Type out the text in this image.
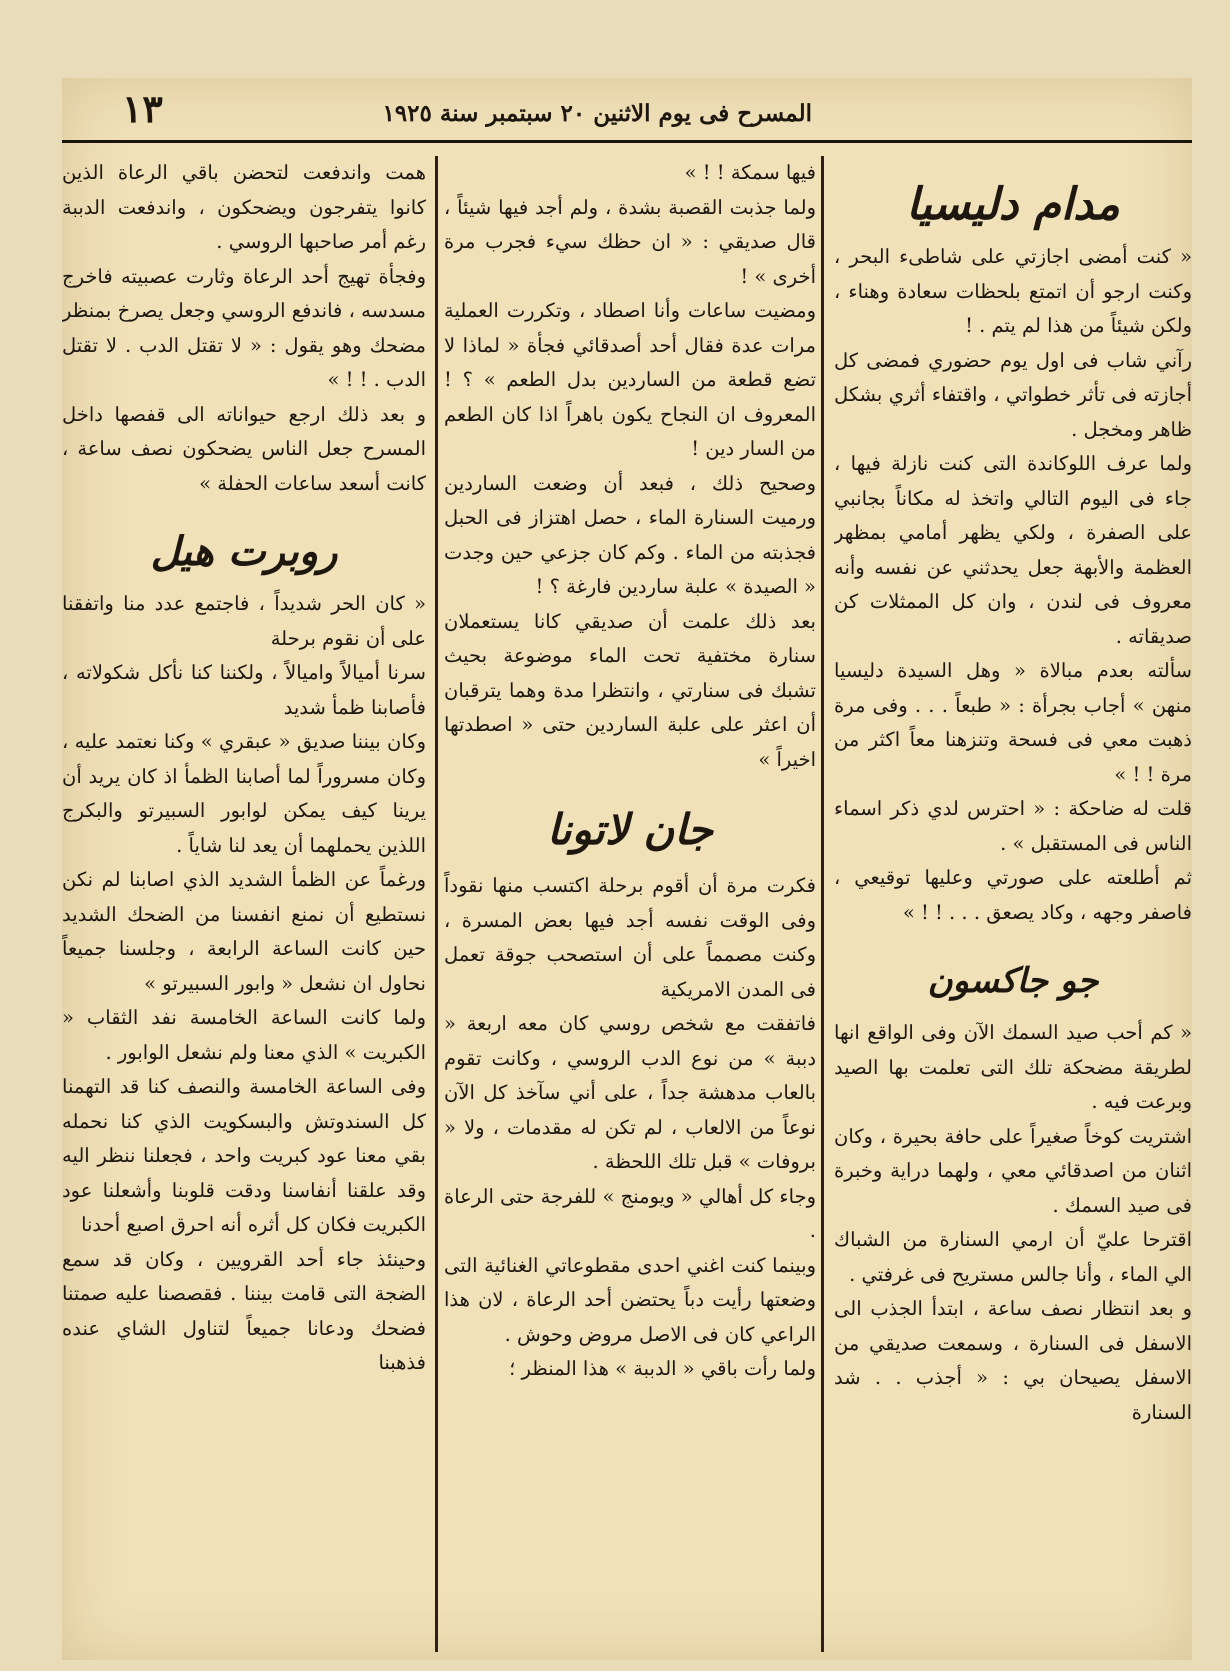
المسرح فى يوم الاثنين ٢٠ سبتمبر سنة ١٩٢٥
١٣
مدام دليسيا

« كنت أمضى اجازتي على شاطىء البحر ، وكنت ارجو أن اتمتع بلحظات سعادة وهناء ، ولكن شيئاً من هذا لم يتم . !

رآني شاب فى اول يوم حضوري فمضى كل أجازته فى تأثر خطواتي ، واقتفاء أثري بشكل ظاهر ومخجل .

ولما عرف اللوكاندة التى كنت نازلة فيها ، جاء فى اليوم التالي واتخذ له مكاناً بجانبي على الصفرة ، ولكي يظهر أمامي بمظهر العظمة والأبهة جعل يحدثني عن نفسه وأنه معروف فى لندن ، وان كل الممثلات كن صديقاته .

سألته بعدم مبالاة « وهل السيدة دليسيا منهن » أجاب بجرأة : « طبعاً . . . وفى مرة ذهبت معي فى فسحة وتنزهنا معاً اكثر من مرة ! ! »

قلت له ضاحكة : « احترس لدي ذكر اسماء الناس فى المستقبل » .

ثم أطلعته على صورتي وعليها توقيعي ، فاصفر وجهه ، وكاد يصعق . . . ! ! »

جو جاكسون

« كم أحب صيد السمك الآن وفى الواقع انها لطريقة مضحكة تلك التى تعلمت بها الصيد وبرعت فيه .

اشتريت كوخاً صغيراً على حافة بحيرة ، وكان اثنان من اصدقائي معي ، ولهما دراية وخبرة فى صيد السمك .

اقترحا عليّ أن ارمي السنارة من الشباك الي الماء ، وأنا جالس مستريح فى غرفتي .

و بعد انتظار نصف ساعة ، ابتدأ الجذب الى الاسفل فى السنارة ، وسمعت صديقي من الاسفل يصيحان بي : « أجذب . . شد السنارة

فيها سمكة ! ! »

ولما جذبت القصبة بشدة ، ولم أجد فيها شيئاً ، قال صديقي : « ان حظك سيء فجرب مرة أخرى » !

ومضيت ساعات وأنا اصطاد ، وتكررت العملية مرات عدة فقال أحد أصدقائي فجأة « لماذا لا تضع قطعة من الساردين بدل الطعم » ؟ ! المعروف ان النجاح يكون باهراً اذا كان الطعم من السار دين !

وصحيح ذلك ، فبعد أن وضعت الساردين ورميت السنارة الماء ، حصل اهتزاز فى الحبل فجذبته من الماء . وكم كان جزعي حين وجدت « الصيدة » علبة ساردين فارغة ؟ !

بعد ذلك علمت أن صديقي كانا يستعملان سنارة مختفية تحت الماء موضوعة بحيث تشبك فى سنارتي ، وانتظرا مدة وهما يترقبان أن اعثر على علبة الساردين حتى « اصطدتها اخيراً »

جان لاتونا

فكرت مرة أن أقوم برحلة اكتسب منها نقوداً وفى الوقت نفسه أجد فيها بعض المسرة ، وكنت مصمماً على أن استصحب جوقة تعمل فى المدن الامريكية

فاتفقت مع شخص روسي كان معه اربعة « دببة » من نوع الدب الروسي ، وكانت تقوم بالعاب مدهشة جداً ، على أني سآخذ كل الآن نوعاً من الالعاب ، لم تكن له مقدمات ، ولا « بروفات » قبل تلك اللحظة .

وجاء كل أهالي « ويومنج » للفرجة حتى الرعاة .

وبينما كنت اغني احدى مقطوعاتي الغنائية التى وضعتها رأيت دباً يحتضن أحد الرعاة ، لان هذا الراعي كان فى الاصل مروض وحوش .

ولما رأت باقي « الدببة » هذا المنظر ؛

همت واندفعت لتحضن باقي الرعاة الذين كانوا يتفرجون ويضحكون ، واندفعت الدببة رغم أمر صاحبها الروسي .

وفجأة تهيج أحد الرعاة وثارت عصبيته فاخرج مسدسه ، فاندفع الروسي وجعل يصرخ بمنظر مضحك وهو يقول : « لا تقتل الدب . لا تقتل الدب . ! ! »

و بعد ذلك ارجع حيواناته الى قفصها داخل المسرح جعل الناس يضحكون نصف ساعة ، كانت أسعد ساعات الحفلة »

روبرت هيل

« كان الحر شديداً ، فاجتمع عدد منا واتفقنا على أن نقوم برحلة

سرنا أميالاً واميالاً ، ولكننا كنا نأكل شكولاته ، فأصابنا ظمأ شديد

وكان بيننا صديق « عبقري » وكنا نعتمد عليه ، وكان مسروراً لما أصابنا الظمأ اذ كان يريد أن يرينا كيف يمكن لوابور السبيرتو والبكرج اللذين يحملهما أن يعد لنا شاياً .

ورغماً عن الظمأ الشديد الذي اصابنا لم نكن نستطيع أن نمنع انفسنا من الضحك الشديد حين كانت الساعة الرابعة ، وجلسنا جميعاً نحاول ان نشعل « وابور السبيرتو »

ولما كانت الساعة الخامسة نفد الثقاب « الكبريت » الذي معنا ولم نشعل الوابور .

وفى الساعة الخامسة والنصف كنا قد التهمنا كل السندوتش والبسكويت الذي كنا نحمله بقي معنا عود كبريت واحد ، فجعلنا ننظر اليه وقد علقنا أنفاسنا ودقت قلوبنا وأشعلنا عود الكبريت فكان كل أثره أنه احرق اصبع أحدنا

وحينئذ جاء أحد القرويين ، وكان قد سمع الضجة التى قامت بيننا . فقصصنا عليه صمتنا فضحك ودعانا جميعاً لتناول الشاي عنده فذهبنا
